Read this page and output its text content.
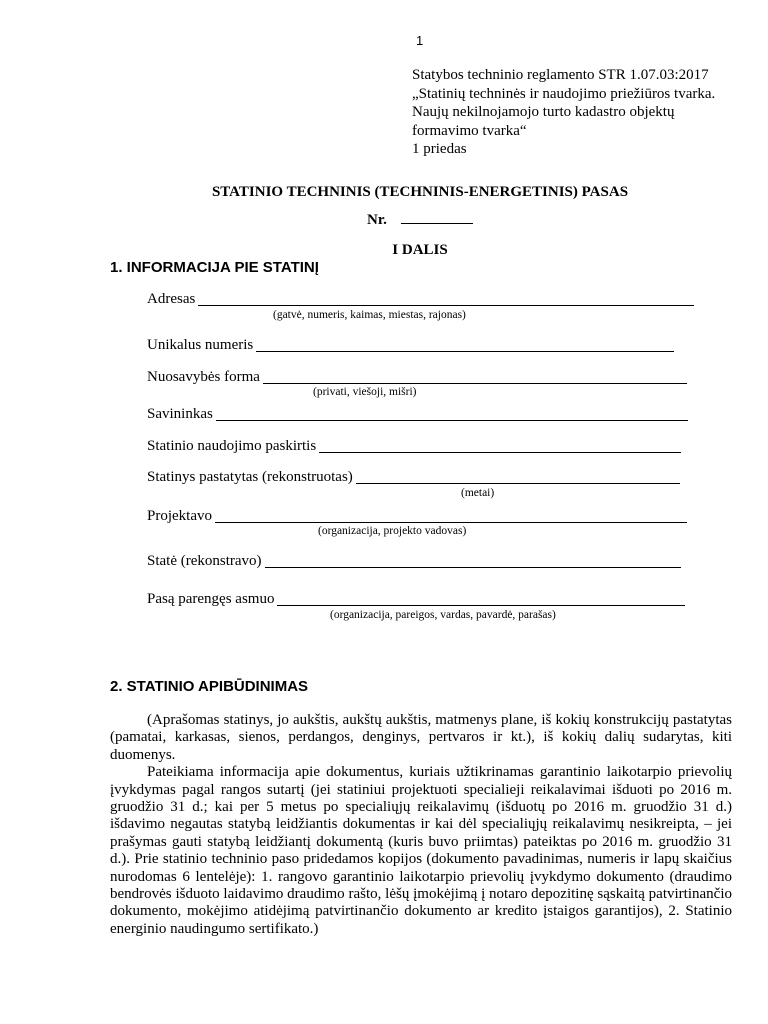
1
Statybos techninio reglamento STR 1.07.03:2017
„Statinių techninės ir naudojimo priežiūros tvarka.
Naujų nekilnojamojo turto kadastro objektų
formavimo tvarka“
1 priedas
STATINIO TECHNINIS (TECHNINIS-ENERGETINIS) PASAS
Nr.
I DALIS
1. INFORMACIJA PIE STATINĮ
Adresas
(gatvė, numeris, kaimas, miestas, rajonas)
Unikalus numeris
Nuosavybės forma
(privati, viešoji, mišri)
Savininkas
Statinio naudojimo paskirtis
Statinys pastatytas (rekonstruotas)
(metai)
Projektavo
(organizacija, projekto vadovas)
Statė (rekonstravo)
Pasą parengęs asmuo
(organizacija, pareigos, vardas, pavardė, parašas)
2. STATINIO APIBŪDINIMAS

(Aprašomas statinys, jo aukštis, aukštų aukštis, matmenys plane, iš kokių konstrukcijų pastatytas (pamatai, karkasas, sienos, perdangos, denginys, pertvaros ir kt.), iš kokių dalių sudarytas, kiti duomenys.

Pateikiama informacija apie dokumentus, kuriais užtikrinamas garantinio laikotarpio prievolių įvykdymas pagal rangos sutartį (jei statiniui projektuoti specialieji reikalavimai išduoti po 2016 m. gruodžio 31 d.; kai per 5 metus po specialiųjų reikalavimų (išduotų po 2016 m. gruodžio 31 d.) išdavimo negautas statybą leidžiantis dokumentas ir kai dėl specialiųjų reikalavimų nesikreipta, – jei prašymas gauti statybą leidžiantį dokumentą (kuris buvo priimtas) pateiktas po 2016 m. gruodžio 31 d.). Prie statinio techninio paso pridedamos kopijos (dokumento pavadinimas, numeris ir lapų skaičius nurodomas 6 lentelėje): 1. rangovo garantinio laikotarpio prievolių įvykdymo dokumento (draudimo bendrovės išduoto laidavimo draudimo rašto, lėšų įmokėjimą į notaro depozitinę sąskaitą patvirtinančio dokumento, mokėjimo atidėjimą patvirtinančio dokumento ar kredito įstaigos garantijos), 2. Statinio energinio naudingumo sertifikato.)
